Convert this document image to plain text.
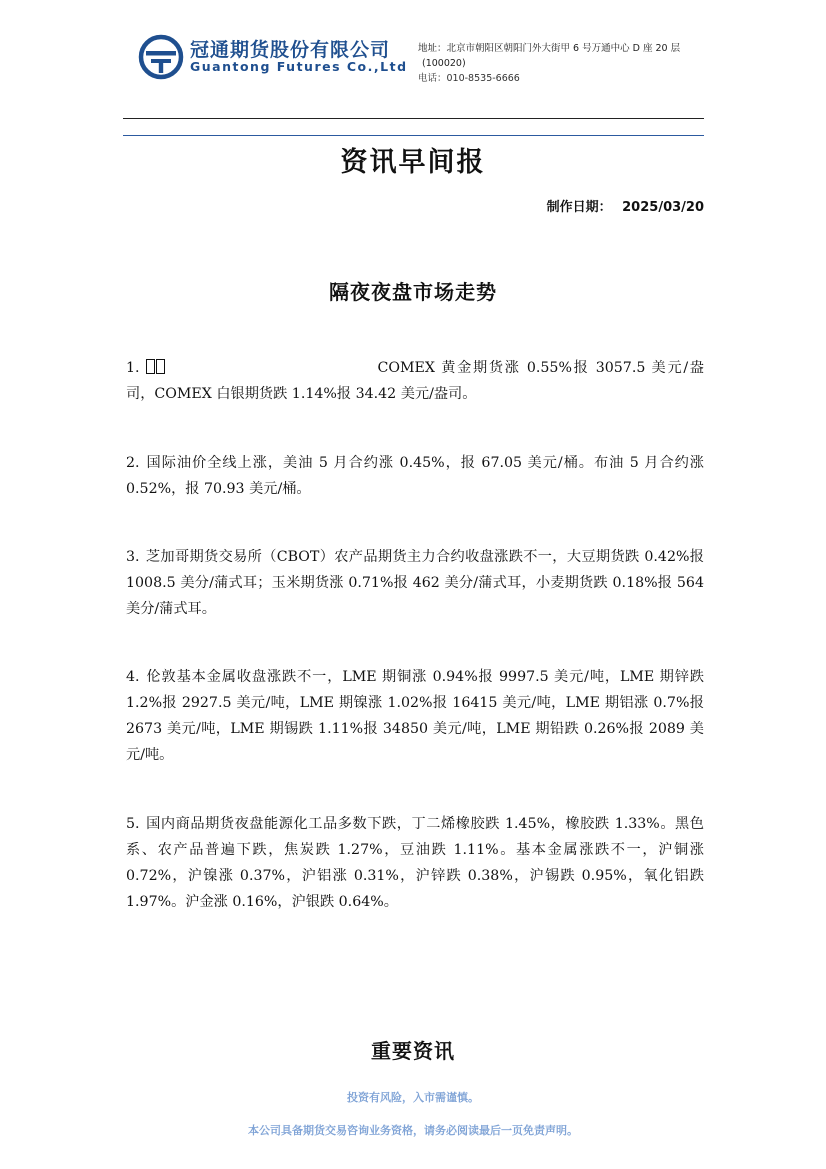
冠通期货股份有限公司
Guantong Futures Co.,Ltd
地址：北京市朝阳区朝阳门外大街甲 6 号万通中心 D 座 20 层
(100020)
电话：010-8535-6666
资讯早间报
制作日期： 2025/03/20
隔夜夜盘市场走势
1.	COMEX 黄金期货涨 0.55%报 3057.5 美元/盎司，COMEX 白银期货跌 1.14%报 34.42 美元/盎司。
2. 国际油价全线上涨，美油 5 月合约涨 0.45%，报 67.05 美元/桶。布油 5 月合约涨 0.52%，报 70.93 美元/桶。
3. 芝加哥期货交易所（CBOT）农产品期货主力合约收盘涨跌不一，大豆期货跌 0.42%报 1008.5 美分/蒲式耳；玉米期货涨 0.71%报 462 美分/蒲式耳，小麦期货跌 0.18%报 564 美分/蒲式耳。
4. 伦敦基本金属收盘涨跌不一，LME 期铜涨 0.94%报 9997.5 美元/吨，LME 期锌跌 1.2%报 2927.5 美元/吨，LME 期镍涨 1.02%报 16415 美元/吨，LME 期铝涨 0.7%报 2673 美元/吨，LME 期锡跌 1.11%报 34850 美元/吨，LME 期铅跌 0.26%报 2089 美元/吨。
5. 国内商品期货夜盘能源化工品多数下跌，丁二烯橡胶跌 1.45%，橡胶跌 1.33%。黑色系、农产品普遍下跌，焦炭跌 1.27%，豆油跌 1.11%。基本金属涨跌不一，沪铜涨 0.72%，沪镍涨 0.37%，沪铝涨 0.31%，沪锌跌 0.38%，沪锡跌 0.95%，氧化铝跌 1.97%。沪金涨 0.16%，沪银跌 0.64%。
重要资讯
投资有风险，入市需谨慎。
本公司具备期货交易咨询业务资格，请务必阅读最后一页免责声明。
